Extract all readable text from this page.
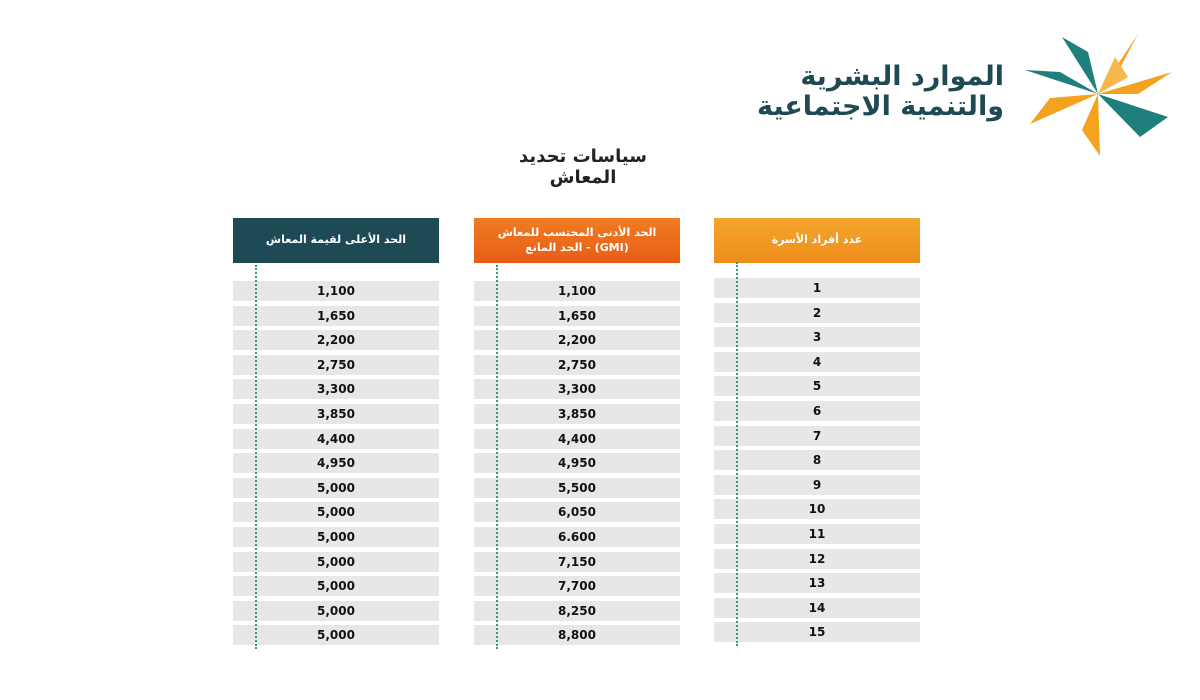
الموارد البشرية
والتنمية الاجتماعية
سياسات تحديد المعاش
الحد الأعلى لقيمة المعاش
1,100
1,650
2,200
2,750
3,300
3,850
4,400
4,950
5,000
5,000
5,000
5,000
5,000
5,000
5,000
الحد الأدنى المحتسب للمعاش (GMI) - الحد المانع
1,100
1,650
2,200
2,750
3,300
3,850
4,400
4,950
5,500
6,050
6.600
7,150
7,700
8,250
8,800
عدد أفراد الأسرة
1
2
3
4
5
6
7
8
9
10
11
12
13
14
15
